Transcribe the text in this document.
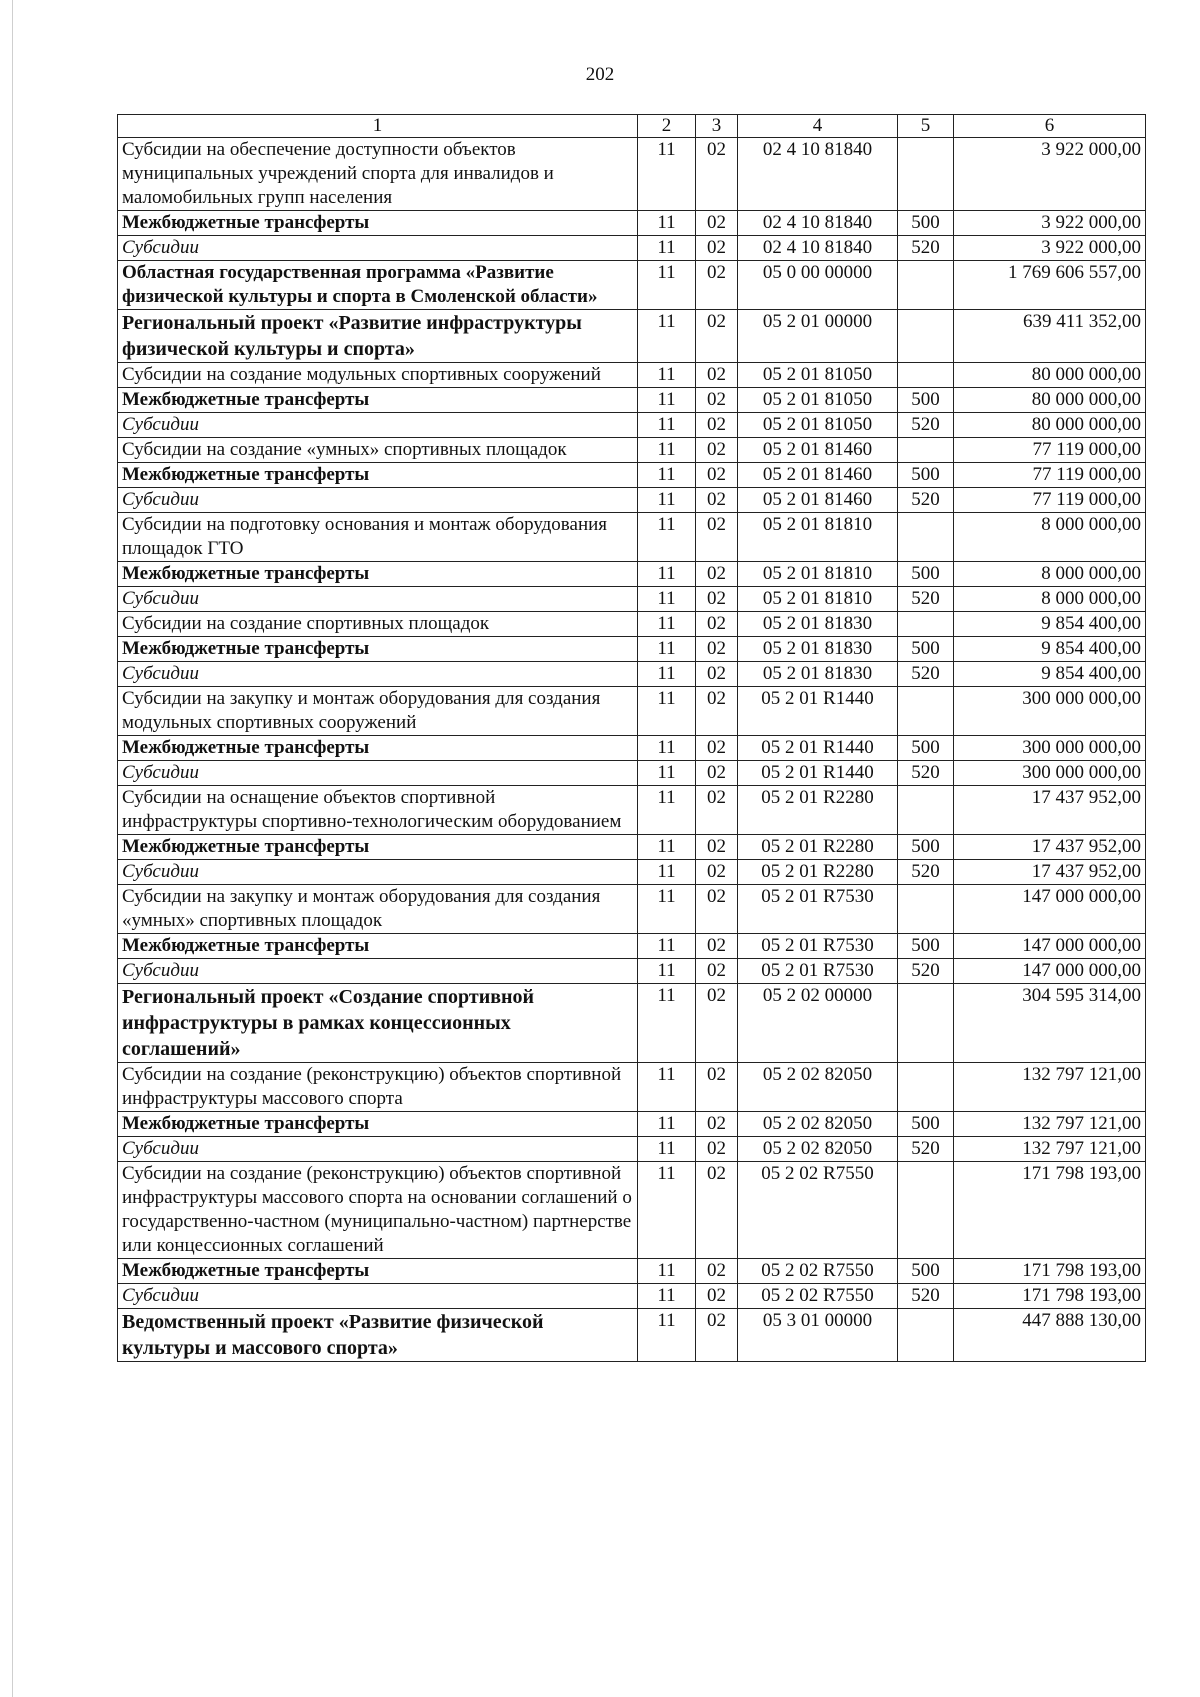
202
1	2	3	4	5	6
Субсидии на обеспечение доступности объектов муниципальных учреждений спорта для инвалидов и маломобильных групп населения	11	02	02 4 10 81840		3 922 000,00
Межбюджетные трансферты	11	02	02 4 10 81840	500	3 922 000,00
Субсидии	11	02	02 4 10 81840	520	3 922 000,00
Областная государственная программа «Развитие физической культуры и спорта в Смоленской области»	11	02	05 0 00 00000		1 769 606 557,00
Региональный проект «Развитие инфраструктуры физической культуры и спорта»	11	02	05 2 01 00000		639 411 352,00
Субсидии на создание модульных спортивных сооружений	11	02	05 2 01 81050		80 000 000,00
Межбюджетные трансферты	11	02	05 2 01 81050	500	80 000 000,00
Субсидии	11	02	05 2 01 81050	520	80 000 000,00
Субсидии на создание «умных» спортивных площадок	11	02	05 2 01 81460		77 119 000,00
Межбюджетные трансферты	11	02	05 2 01 81460	500	77 119 000,00
Субсидии	11	02	05 2 01 81460	520	77 119 000,00
Субсидии на подготовку основания и монтаж оборудования площадок ГТО	11	02	05 2 01 81810		8 000 000,00
Межбюджетные трансферты	11	02	05 2 01 81810	500	8 000 000,00
Субсидии	11	02	05 2 01 81810	520	8 000 000,00
Субсидии на создание спортивных площадок	11	02	05 2 01 81830		9 854 400,00
Межбюджетные трансферты	11	02	05 2 01 81830	500	9 854 400,00
Субсидии	11	02	05 2 01 81830	520	9 854 400,00
Субсидии на закупку и монтаж оборудования для создания модульных спортивных сооружений	11	02	05 2 01 R1440		300 000 000,00
Межбюджетные трансферты	11	02	05 2 01 R1440	500	300 000 000,00
Субсидии	11	02	05 2 01 R1440	520	300 000 000,00
Субсидии на оснащение объектов спортивной инфраструктуры спортивно-технологическим оборудованием	11	02	05 2 01 R2280		17 437 952,00
Межбюджетные трансферты	11	02	05 2 01 R2280	500	17 437 952,00
Субсидии	11	02	05 2 01 R2280	520	17 437 952,00
Субсидии на закупку и монтаж оборудования для создания «умных» спортивных площадок	11	02	05 2 01 R7530		147 000 000,00
Межбюджетные трансферты	11	02	05 2 01 R7530	500	147 000 000,00
Субсидии	11	02	05 2 01 R7530	520	147 000 000,00
Региональный проект «Создание спортивной инфраструктуры в рамках концессионных соглашений»	11	02	05 2 02 00000		304 595 314,00
Субсидии на создание (реконструкцию) объектов спортивной инфраструктуры массового спорта	11	02	05 2 02 82050		132 797 121,00
Межбюджетные трансферты	11	02	05 2 02 82050	500	132 797 121,00
Субсидии	11	02	05 2 02 82050	520	132 797 121,00
Субсидии на создание (реконструкцию) объектов спортивной инфраструктуры массового спорта на основании соглашений о государственно-частном (муниципально-частном) партнерстве или концессионных соглашений	11	02	05 2 02 R7550		171 798 193,00
Межбюджетные трансферты	11	02	05 2 02 R7550	500	171 798 193,00
Субсидии	11	02	05 2 02 R7550	520	171 798 193,00
Ведомственный проект «Развитие физической культуры и массового спорта»	11	02	05 3 01 00000		447 888 130,00
